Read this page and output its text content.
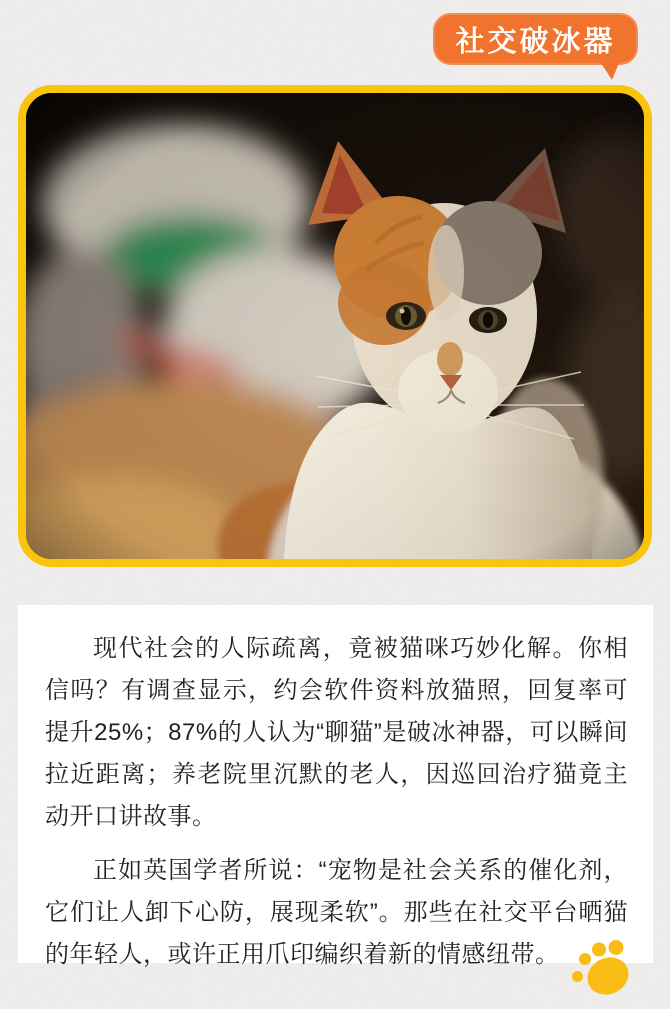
社交破冰器

现代社会的人际疏离，竟被猫咪巧妙化解。你相信吗？有调查显示，约会软件资料放猫照，回复率可提升25%；87%的人认为“聊猫”是破冰神器，可以瞬间拉近距离；养老院里沉默的老人，因巡回治疗猫竟主动开口讲故事。

正如英国学者所说：“宠物是社会关系的催化剂，它们让人卸下心防，展现柔软”。那些在社交平台晒猫的年轻人，或许正用爪印编织着新的情感纽带。
